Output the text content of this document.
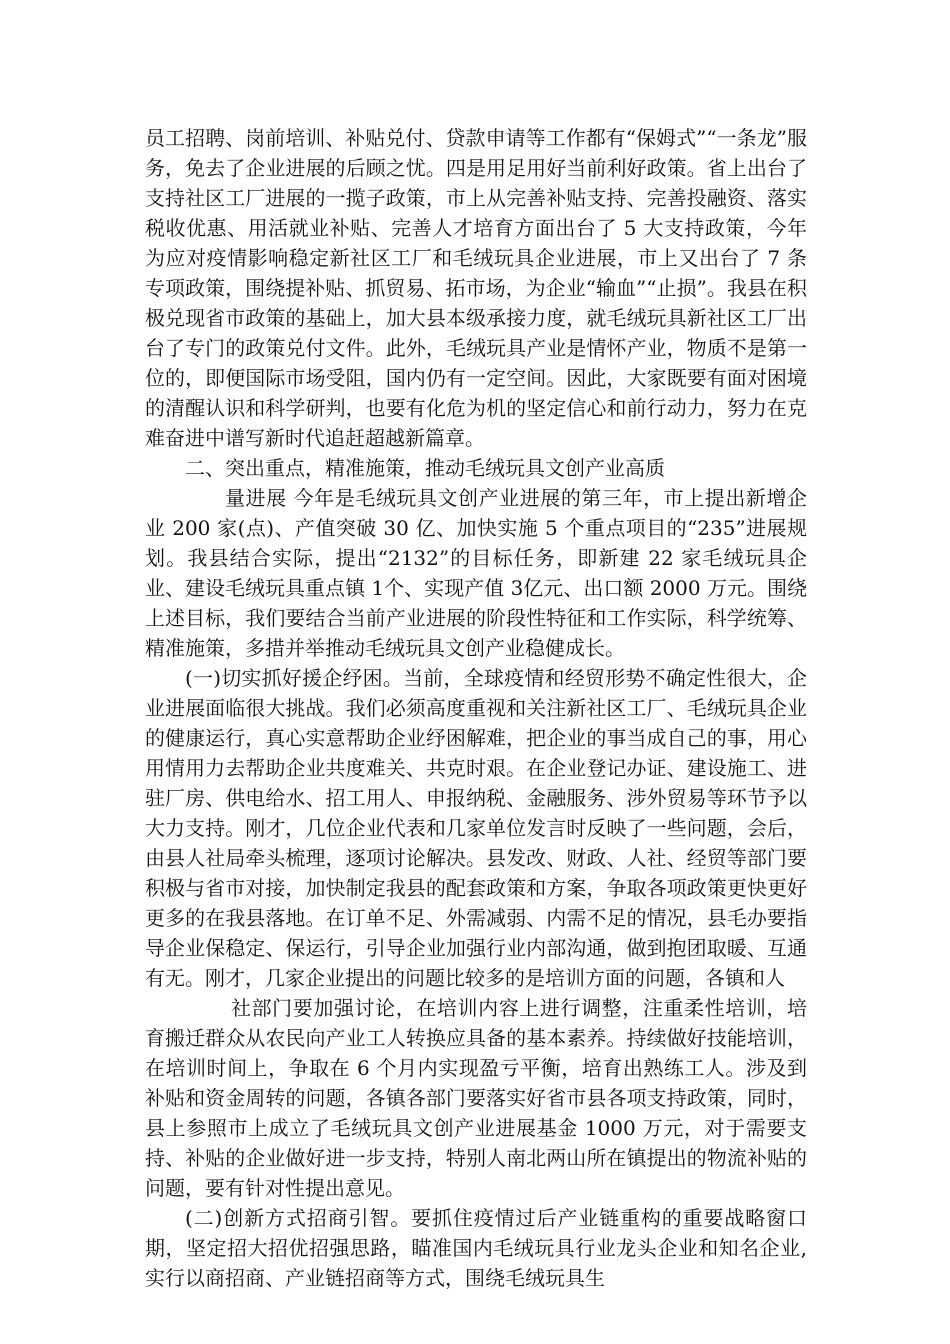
员工招聘、岗前培训、补贴兑付、贷款申请等工作都有“保姆式”“一条龙”服务，免去了企业进展的后顾之忧。四是用足用好当前利好政策。省上出台了支持社区工厂进展的一揽子政策，市上从完善补贴支持、完善投融资、落实税收优惠、用活就业补贴、完善人才培育方面出台了 5 大支持政策，今年为应对疫情影响稳定新社区工厂和毛绒玩具企业进展，市上又出台了 7 条专项政策，围绕提补贴、抓贸易、拓市场，为企业“输血”“止损”。我县在积极兑现省市政策的基础上，加大县本级承接力度，就毛绒玩具新社区工厂出台了专门的政策兑付文件。此外，毛绒玩具产业是情怀产业，物质不是第一位的，即便国际市场受阻，国内仍有一定空间。因此，大家既要有面对困境的清醒认识和科学研判，也要有化危为机的坚定信心和前行动力，努力在克难奋进中谱写新时代追赶超越新篇章。

二、突出重点，精准施策，推动毛绒玩具文创产业高质

量进展 今年是毛绒玩具文创产业进展的第三年，市上提出新增企业 200 家(点)、产值突破 30 亿、加快实施 5 个重点项目的“235”进展规划。我县结合实际，提出“2132”的目标任务，即新建 22 家毛绒玩具企业、建设毛绒玩具重点镇 1个、实现产值 3亿元、出口额 2000 万元。围绕上述目标，我们要结合当前产业进展的阶段性特征和工作实际，科学统筹、精准施策，多措并举推动毛绒玩具文创产业稳健成长。

(一)切实抓好援企纾困。当前，全球疫情和经贸形势不确定性很大，企业进展面临很大挑战。我们必须高度重视和关注新社区工厂、毛绒玩具企业的健康运行，真心实意帮助企业纾困解难，把企业的事当成自己的事，用心用情用力去帮助企业共度难关、共克时艰。在企业登记办证、建设施工、进驻厂房、供电给水、招工用人、申报纳税、金融服务、涉外贸易等环节予以大力支持。刚才，几位企业代表和几家单位发言时反映了一些问题，会后，由县人社局牵头梳理，逐项讨论解决。县发改、财政、人社、经贸等部门要积极与省市对接，加快制定我县的配套政策和方案，争取各项政策更快更好更多的在我县落地。在订单不足、外需减弱、内需不足的情况，县毛办要指导企业保稳定、保运行，引导企业加强行业内部沟通，做到抱团取暖、互通有无。刚才，几家企业提出的问题比较多的是培训方面的问题，各镇和人

社部门要加强讨论，在培训内容上进行调整，注重柔性培训，培育搬迁群众从农民向产业工人转换应具备的基本素养。持续做好技能培训，在培训时间上，争取在 6 个月内实现盈亏平衡，培育出熟练工人。涉及到补贴和资金周转的问题，各镇各部门要落实好省市县各项支持政策，同时，县上参照市上成立了毛绒玩具文创产业进展基金 1000 万元，对于需要支持、补贴的企业做好进一步支持，特别人南北两山所在镇提出的物流补贴的问题，要有针对性提出意见。

(二)创新方式招商引智。要抓住疫情过后产业链重构的重要战略窗口期，坚定招大招优招强思路，瞄准国内毛绒玩具行业龙头企业和知名企业,实行以商招商、产业链招商等方式，围绕毛绒玩具生
